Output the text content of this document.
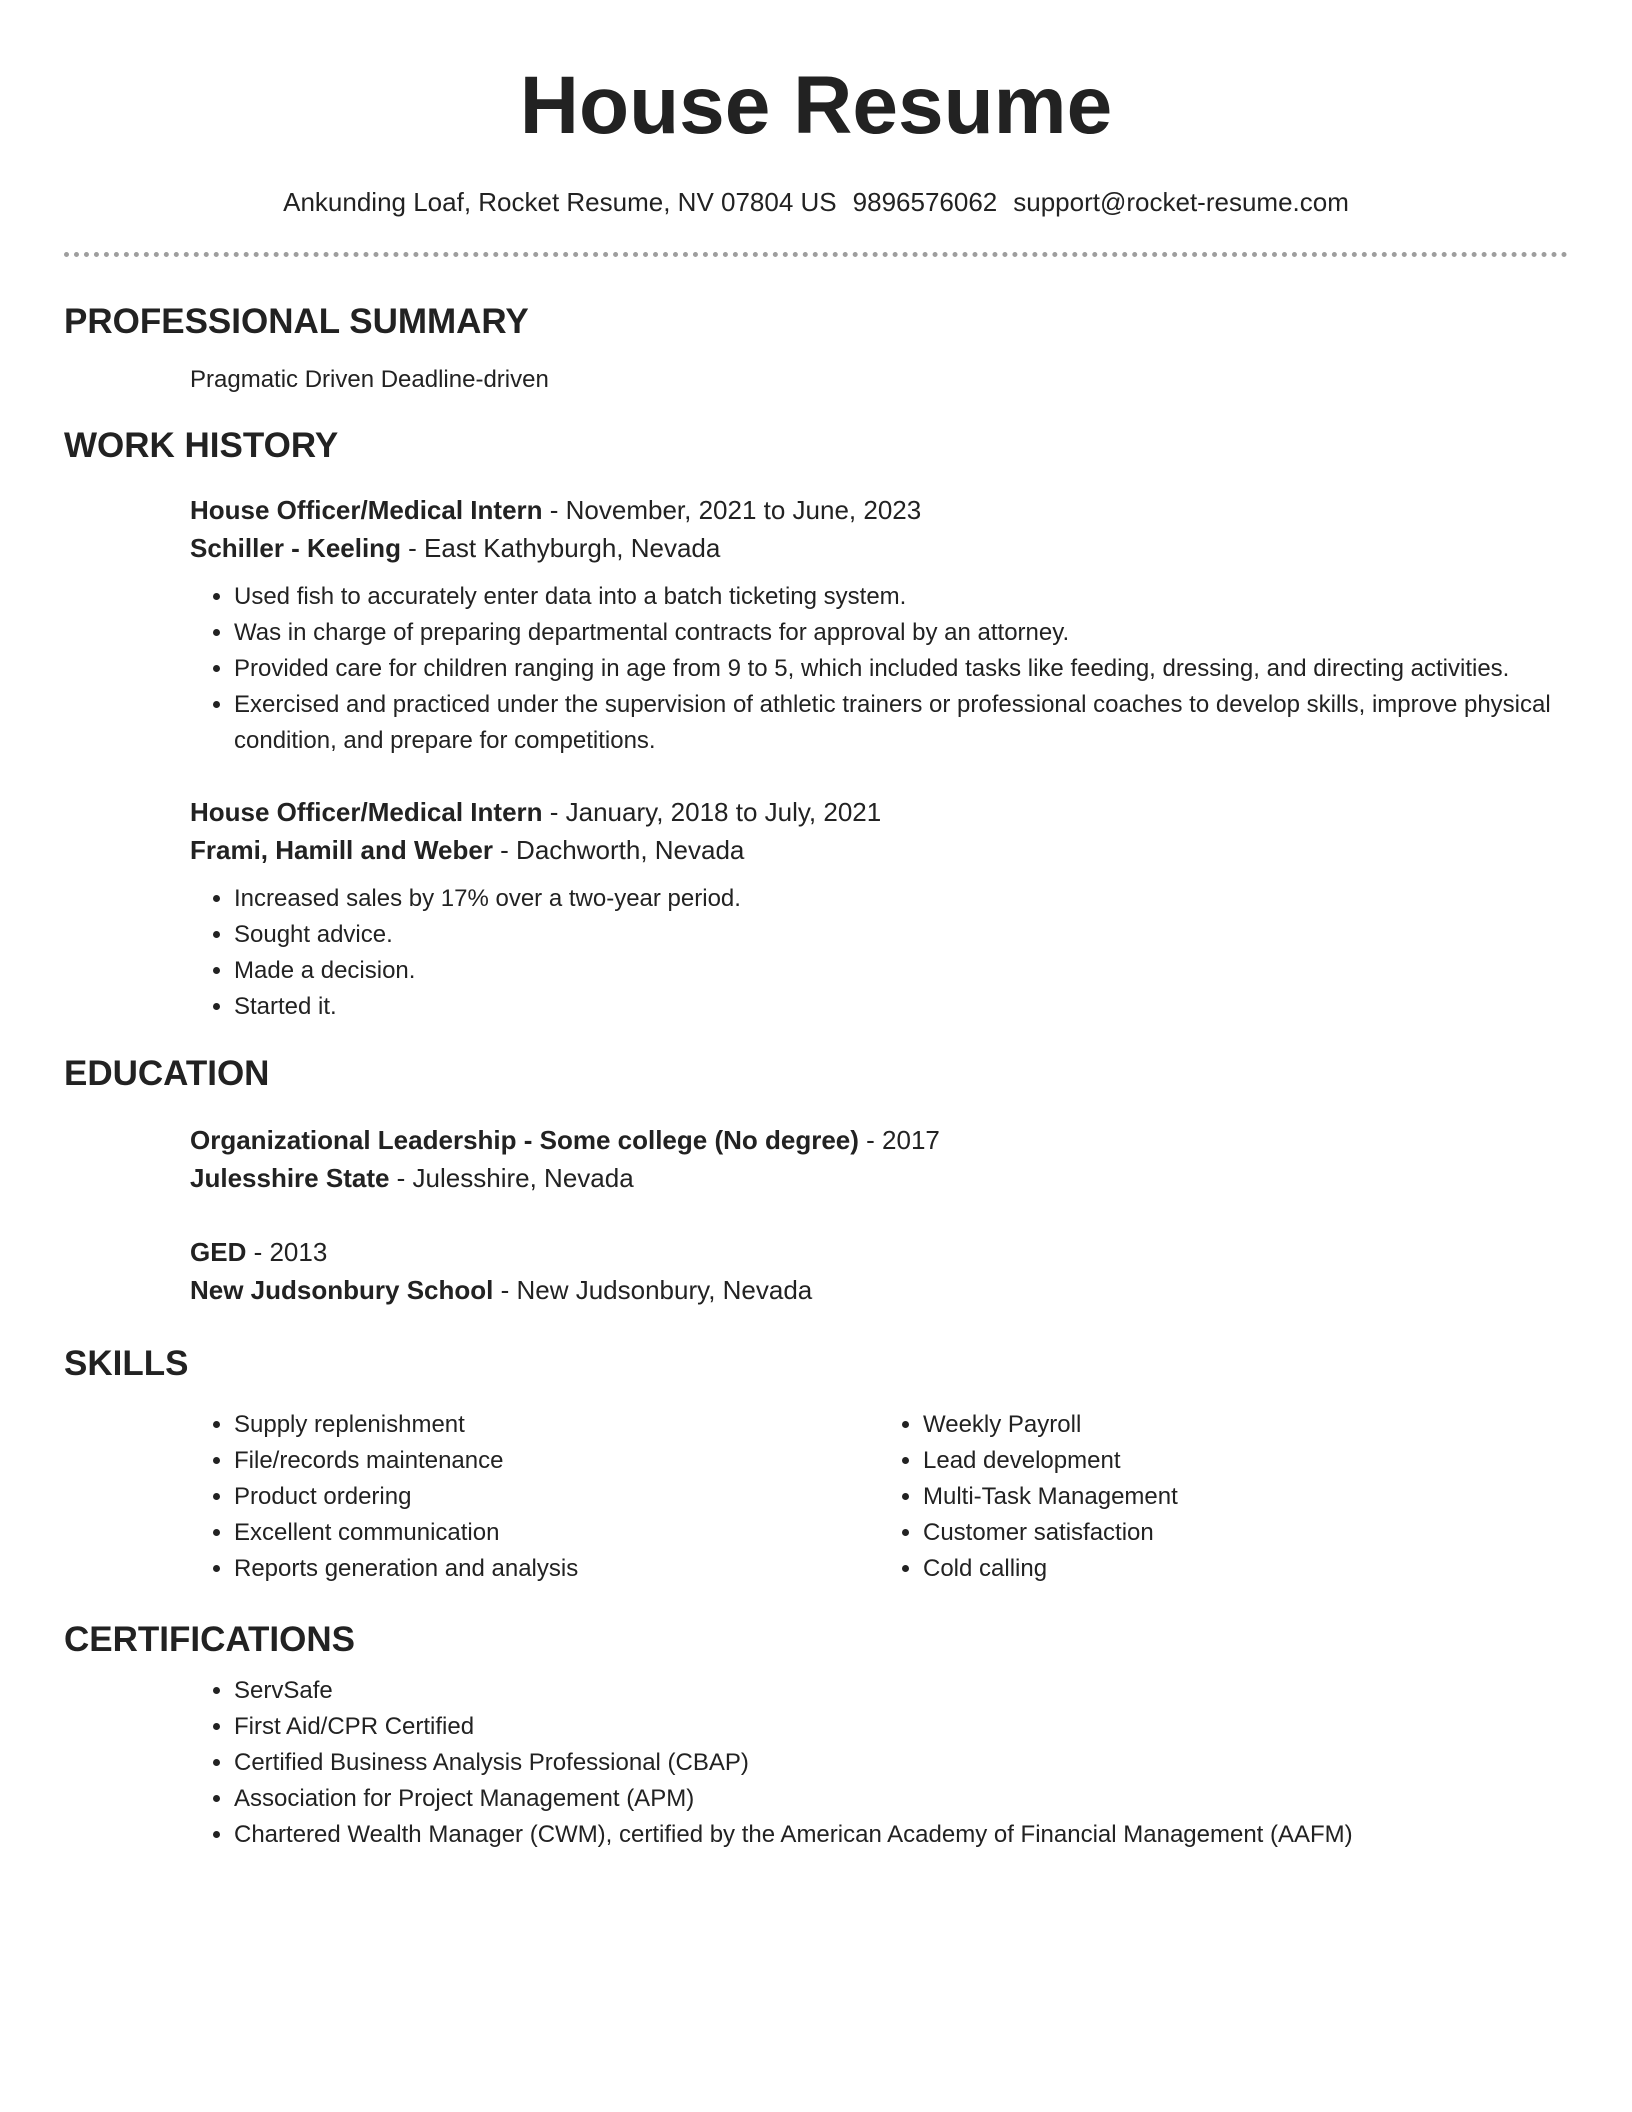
House Resume
Ankunding Loaf, Rocket Resume, NV 07804 US 9896576062 support@rocket-resume.com
PROFESSIONAL SUMMARY
Pragmatic Driven Deadline-driven
WORK HISTORY
House Officer/Medical Intern - November, 2021 to June, 2023
Schiller - Keeling - East Kathyburgh, Nevada
• Used fish to accurately enter data into a batch ticketing system.
• Was in charge of preparing departmental contracts for approval by an attorney.
• Provided care for children ranging in age from 9 to 5, which included tasks like feeding, dressing, and directing activities.
• Exercised and practiced under the supervision of athletic trainers or professional coaches to develop skills, improve physical condition, and prepare for competitions.
House Officer/Medical Intern - January, 2018 to July, 2021
Frami, Hamill and Weber - Dachworth, Nevada
• Increased sales by 17% over a two-year period.
• Sought advice.
• Made a decision.
• Started it.
EDUCATION
Organizational Leadership - Some college (No degree) - 2017
Julesshire State - Julesshire, Nevada
GED - 2013
New Judsonbury School - New Judsonbury, Nevada
SKILLS
• Supply replenishment
• File/records maintenance
• Product ordering
• Excellent communication
• Reports generation and analysis
• Weekly Payroll
• Lead development
• Multi-Task Management
• Customer satisfaction
• Cold calling
CERTIFICATIONS
• ServSafe
• First Aid/CPR Certified
• Certified Business Analysis Professional (CBAP)
• Association for Project Management (APM)
• Chartered Wealth Manager (CWM), certified by the American Academy of Financial Management (AAFM)
